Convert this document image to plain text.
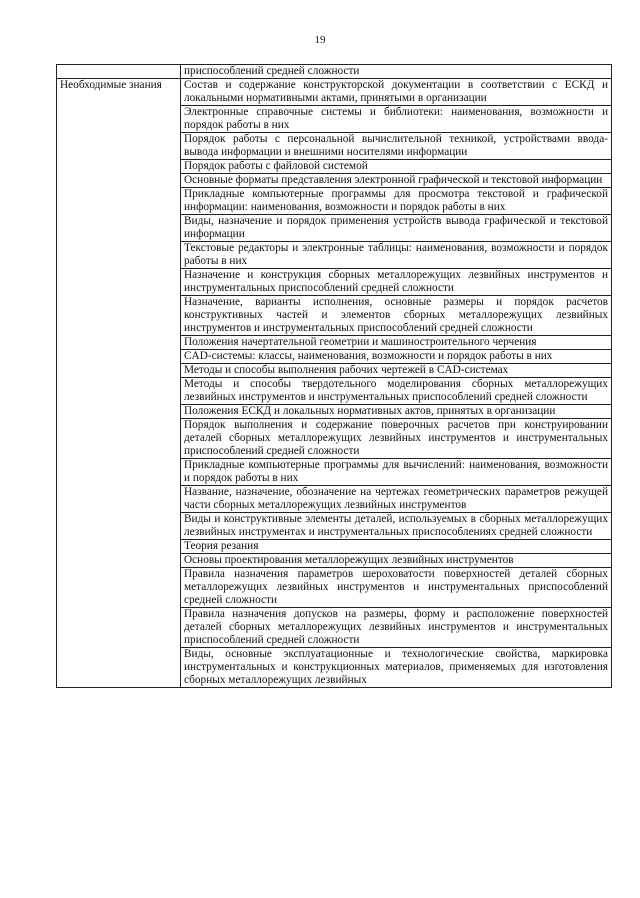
19
	приспособлений средней сложности

Необходимые знания	Состав и содержание конструкторской документации в соответствии с ЕСКД и локальными нормативными актами, принятыми в организации
	Электронные справочные системы и библиотеки: наименования, возможности и порядок работы в них
	Порядок работы с персональной вычислительной техникой, устройствами ввода-вывода информации и внешними носителями информации
	Порядок работы с файловой системой
	Основные форматы представления электронной графической и текстовой информации
	Прикладные компьютерные программы для просмотра текстовой и графической информации: наименования, возможности и порядок работы в них
	Виды, назначение и порядок применения устройств вывода графической и текстовой информации
	Текстовые редакторы и электронные таблицы: наименования, возможности и порядок работы в них
	Назначение и конструкция сборных металлорежущих лезвийных инструментов и инструментальных приспособлений средней сложности
	Назначение, варианты исполнения, основные размеры и порядок расчетов конструктивных частей и элементов сборных металлорежущих лезвийных инструментов и инструментальных приспособлений средней сложности
	Положения начертательной геометрии и машиностроительного черчения
	CAD-системы: классы, наименования, возможности и порядок работы в них
	Методы и способы выполнения рабочих чертежей в CAD-системах
	Методы и способы твердотельного моделирования сборных металлорежущих лезвийных инструментов и инструментальных приспособлений средней сложности
	Положения ЕСКД и локальных нормативных актов, принятых в организации
	Порядок выполнения и содержание поверочных расчетов при конструировании деталей сборных металлорежущих лезвийных инструментов и инструментальных приспособлений средней сложности
	Прикладные компьютерные программы для вычислений: наименования, возможности и порядок работы в них
	Название, назначение, обозначение на чертежах геометрических параметров режущей части сборных металлорежущих лезвийных инструментов
	Виды и конструктивные элементы деталей, используемых в сборных металлорежущих лезвийных инструментах и инструментальных приспособлениях средней сложности
	Теория резания
	Основы проектирования металлорежущих лезвийных инструментов
	Правила назначения параметров шероховатости поверхностей деталей сборных металлорежущих лезвийных инструментов и инструментальных приспособлений средней сложности
	Правила назначения допусков на размеры, форму и расположение поверхностей деталей сборных металлорежущих лезвийных инструментов и инструментальных приспособлений средней сложности
	Виды, основные эксплуатационные и технологические свойства, маркировка инструментальных и конструкционных материалов, применяемых для изготовления сборных металлорежущих лезвийных
